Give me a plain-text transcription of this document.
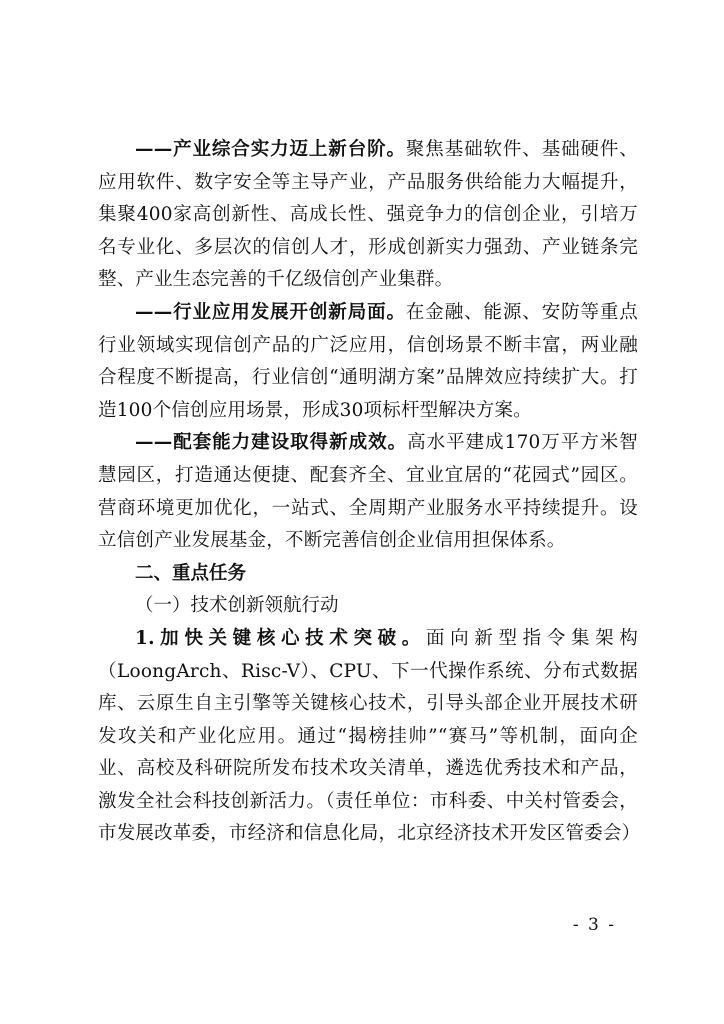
——产业综合实力迈上新台阶。聚焦基础软件、基础硬件、应用软件、数字安全等主导产业，产品服务供给能力大幅提升，集聚400家高创新性、高成长性、强竞争力的信创企业，引培万名专业化、多层次的信创人才，形成创新实力强劲、产业链条完整、产业生态完善的千亿级信创产业集群。

——行业应用发展开创新局面。在金融、能源、安防等重点行业领域实现信创产品的广泛应用，信创场景不断丰富，两业融合程度不断提高，行业信创“通明湖方案”品牌效应持续扩大。打造100个信创应用场景，形成30项标杆型解决方案。

——配套能力建设取得新成效。高水平建成170万平方米智慧园区，打造通达便捷、配套齐全、宜业宜居的“花园式”园区。营商环境更加优化，一站式、全周期产业服务水平持续提升。设立信创产业发展基金，不断完善信创企业信用担保体系。

二、重点任务

（一）技术创新领航行动

1.加快关键核心技术突破。面向新型指令集架构（LoongArch、Risc-V）、CPU、下一代操作系统、分布式数据库、云原生自主引擎等关键核心技术，引导头部企业开展技术研发攻关和产业化应用。通过“揭榜挂帅”“赛马”等机制，面向企业、高校及科研院所发布技术攻关清单，遴选优秀技术和产品，激发全社会科技创新活力。（责任单位：市科委、中关村管委会，市发展改革委，市经济和信息化局，北京经济技术开发区管委会）

- 3 -
